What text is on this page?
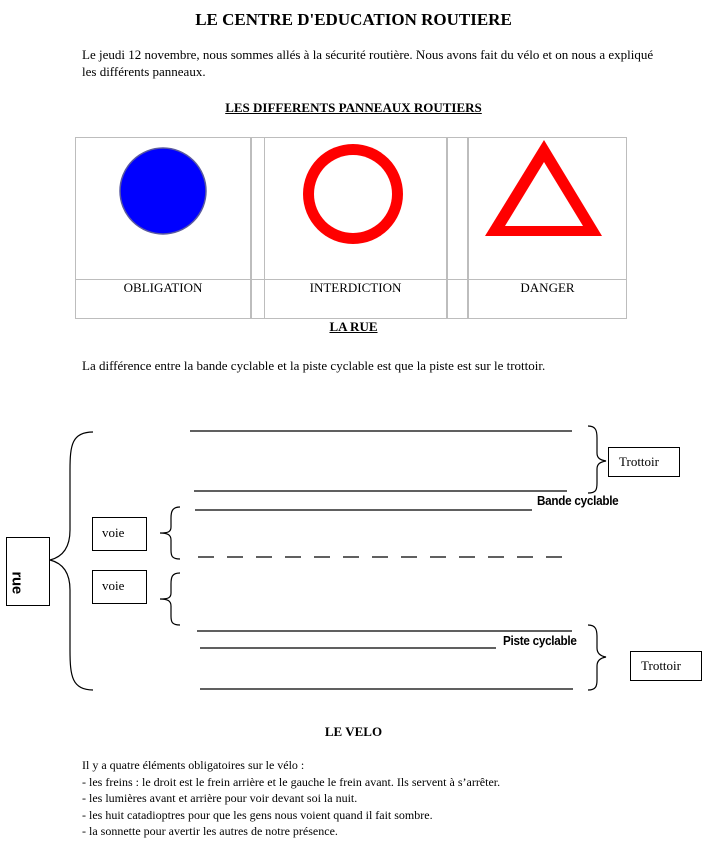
LE CENTRE D'EDUCATION ROUTIERE
Le jeudi 12 novembre, nous sommes allés à la sécurité routière. Nous avons fait du vélo et on nous a expliqué les différents panneaux.
LES DIFFERENTS PANNEAUX ROUTIERS
OBLIGATION	INTERDICTION	DANGER
LA RUE
La différence entre la bande cyclable et la piste cyclable est que la piste est sur le trottoir.
rue
voie
voie
Trottoir
Trottoir
Bande cyclable
Piste cyclable
LE VELO

Il y a quatre éléments obligatoires sur le vélo :

- les freins : le droit est le frein arrière et le gauche le frein avant. Ils servent à s’arrêter.

- les lumières avant et arrière pour voir devant soi la nuit.

- les huit catadioptres pour que les gens nous voient quand il fait sombre.

- la sonnette pour avertir les autres de notre présence.
